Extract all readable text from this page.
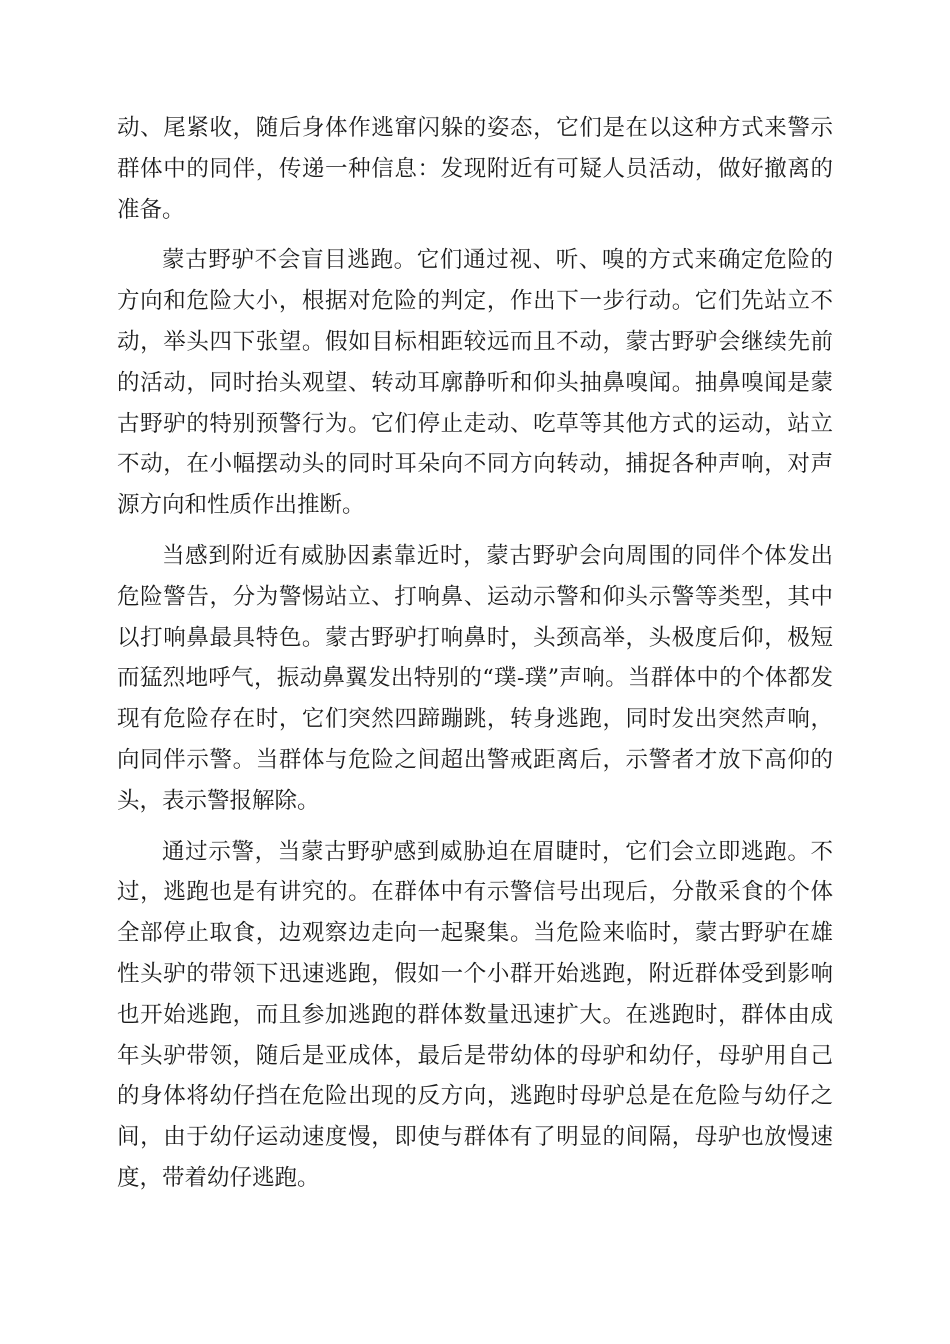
动、尾紧收，随后身体作逃窜闪躲的姿态，它们是在以这种方式来警示群体中的同伴，传递一种信息：发现附近有可疑人员活动，做好撤离的准备。

蒙古野驴不会盲目逃跑。它们通过视、听、嗅的方式来确定危险的方向和危险大小，根据对危险的判定，作出下一步行动。它们先站立不动，举头四下张望。假如目标相距较远而且不动，蒙古野驴会继续先前的活动，同时抬头观望、转动耳廓静听和仰头抽鼻嗅闻。抽鼻嗅闻是蒙古野驴的特别预警行为。它们停止走动、吃草等其他方式的运动，站立不动，在小幅摆动头的同时耳朵向不同方向转动，捕捉各种声响，对声源方向和性质作出推断。

当感到附近有威胁因素靠近时，蒙古野驴会向周围的同伴个体发出危险警告，分为警惕站立、打响鼻、运动示警和仰头示警等类型，其中以打响鼻最具特色。蒙古野驴打响鼻时，头颈高举，头极度后仰，极短而猛烈地呼气，振动鼻翼发出特别的“璞-璞”声响。当群体中的个体都发现有危险存在时，它们突然四蹄蹦跳，转身逃跑，同时发出突然声响，向同伴示警。当群体与危险之间超出警戒距离后，示警者才放下高仰的头，表示警报解除。

通过示警，当蒙古野驴感到威胁迫在眉睫时，它们会立即逃跑。不过，逃跑也是有讲究的。在群体中有示警信号出现后，分散采食的个体全部停止取食，边观察边走向一起聚集。当危险来临时，蒙古野驴在雄性头驴的带领下迅速逃跑，假如一个小群开始逃跑，附近群体受到影响也开始逃跑，而且参加逃跑的群体数量迅速扩大。在逃跑时，群体由成年头驴带领，随后是亚成体，最后是带幼体的母驴和幼仔，母驴用自己的身体将幼仔挡在危险出现的反方向，逃跑时母驴总是在危险与幼仔之间，由于幼仔运动速度慢，即使与群体有了明显的间隔，母驴也放慢速度，带着幼仔逃跑。
